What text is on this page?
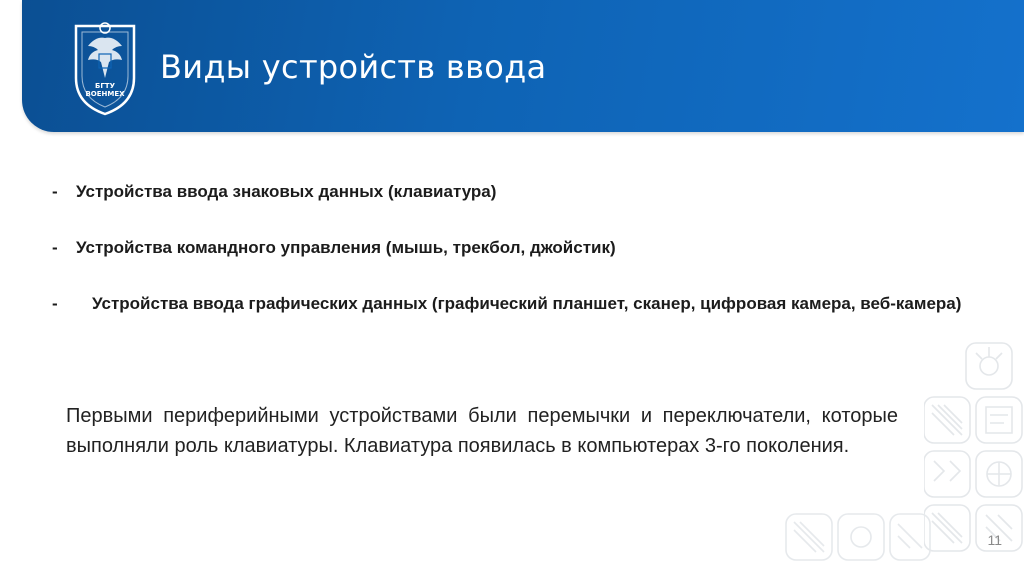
БГТУ
ВОЕНМЕХ
Виды устройств ввода
- Устройства ввода знаковых данных (клавиатура)
- Устройства командного управления (мышь, трекбол, джойстик)
- Устройства ввода графических данных (графический планшет, сканер, цифровая камера, веб-камера)
Первыми периферийными устройствами были перемычки и переключатели, которые выполняли роль клавиатуры. Клавиатура появилась в компьютерах 3-го поколения.
11
